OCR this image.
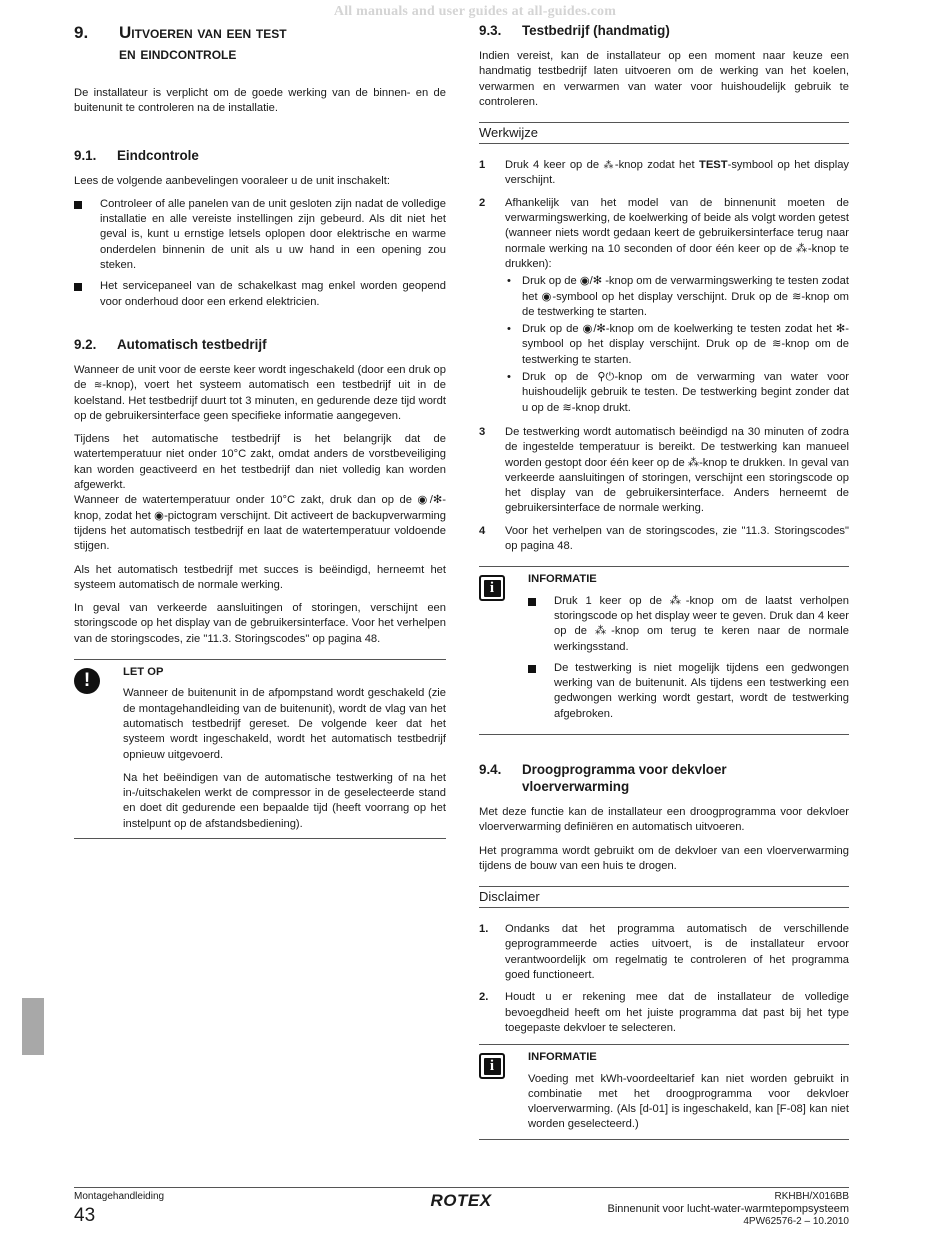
All manuals and user guides at all-guides.com
9.	Uitvoeren van een test
en eindcontrole

De installateur is verplicht om de goede werking van de binnen- en de buitenunit te controleren na de installatie.

9.1.	Eindcontrole

Lees de volgende aanbevelingen vooraleer u de unit inschakelt:

Controleer of alle panelen van de unit gesloten zijn nadat de volledige installatie en alle vereiste instellingen zijn gebeurd. Als dit niet het geval is, kunt u ernstige letsels oplopen door elektrische en warme onderdelen binnenin de unit als u uw hand in een opening zou steken.
Het servicepaneel van de schakelkast mag enkel worden geopend voor onderhoud door een erkend elektricien.
9.2.	Automatisch testbedrijf

Wanneer de unit voor de eerste keer wordt ingeschakeld (door een druk op de ≋-knop), voert het systeem automatisch een testbedrijf uit in de koelstand. Het testbedrijf duurt tot 3 minuten, en gedurende deze tijd wordt op de gebruikersinterface geen specifieke informatie aangegeven.

Tijdens het automatische testbedrijf is het belangrijk dat de watertemperatuur niet onder 10°C zakt, omdat anders de vorstbeveiliging kan worden geactiveerd en het testbedrijf dan niet volledig kan worden afgewerkt.

Wanneer de watertemperatuur onder 10°C zakt, druk dan op de ◉/✻-knop, zodat het ◉-pictogram verschijnt. Dit activeert de backupverwarming tijdens het automatisch testbedrijf en laat de watertemperatuur voldoende stijgen.

Als het automatisch testbedrijf met succes is beëindigd, herneemt het systeem automatisch de normale werking.

In geval van verkeerde aansluitingen of storingen, verschijnt een storingscode op het display van de gebruikersinterface. Voor het verhelpen van de storingscodes, zie "11.3. Storingscodes" op pagina 48.

!	LET OP

Wanneer de buitenunit in de afpompstand wordt geschakeld (zie de montagehandleiding van de buitenunit), wordt de vlag van het automatisch testbedrijf gereset. De volgende keer dat het systeem wordt ingeschakeld, wordt het automatisch testbedrijf opnieuw uitgevoerd.

Na het beëindigen van de automatische testwerking of na het in-/uitschakelen werkt de compressor in de geselecteerde stand en doet dit gedurende een bepaalde tijd (heeft voorrang op het instelpunt op de afstandsbediening).

9.3.	Testbedrijf (handmatig)

Indien vereist, kan de installateur op een moment naar keuze een handmatig testbedrijf laten uitvoeren om de werking van het koelen, verwarmen en verwarmen van water voor huishoudelijk gebruik te controleren.

Werkwijze
1	Druk 4 keer op de ⁂-knop zodat het TEST-symbool op het display verschijnt.
2	Afhankelijk van het model van de binnenunit moeten de verwarmingswerking, de koelwerking of beide als volgt worden getest (wanneer niets wordt gedaan keert de gebruikersinterface terug naar normale werking na 10 seconden of door één keer op de ⁂-knop te drukken):
• Druk op de ◉/✻ -knop om de verwarmingswerking te testen zodat het ◉-symbool op het display verschijnt. Druk op de ≋-knop om de testwerking te starten.
• Druk op de ◉/✻-knop om de koelwerking te testen zodat het ✻-symbool op het display verschijnt. Druk op de ≋-knop om de testwerking te starten.
• Druk op de ⚲⏻-knop om de verwarming van water voor huishoudelijk gebruik te testen. De testwerking begint zonder dat u op de ≋-knop drukt.
3	De testwerking wordt automatisch beëindigd na 30 minuten of zodra de ingestelde temperatuur is bereikt. De testwerking kan manueel worden gestopt door één keer op de ⁂-knop te drukken. In geval van verkeerde aansluitingen of storingen, verschijnt een storingscode op het display van de gebruikersinterface. Anders herneemt de gebruikersinterface de normale werking.
4	Voor het verhelpen van de storingscodes, zie "11.3. Storingscodes" op pagina 48.
i
INFORMATIE
Druk 1 keer op de ⁂-knop om de laatst verholpen storingscode op het display weer te geven. Druk dan 4 keer op de ⁂-knop om terug te keren naar de normale werkingsstand.
De testwerking is niet mogelijk tijdens een gedwongen werking van de buitenunit. Als tijdens een testwerking een gedwongen werking wordt gestart, wordt de testwerking afgebroken.
9.4.	Droogprogramma voor dekvloer
vloerverwarming

Met deze functie kan de installateur een droogprogramma voor dekvloer vloerverwarming definiëren en automatisch uitvoeren.

Het programma wordt gebruikt om de dekvloer van een vloerverwarming tijdens de bouw van een huis te drogen.

Disclaimer
1.	Ondanks dat het programma automatisch de verschillende geprogrammeerde acties uitvoert, is de installateur ervoor verantwoordelijk om regelmatig te controleren of het programma goed functioneert.
2.	Houdt u er rekening mee dat de installateur de volledige bevoegdheid heeft om het juiste programma dat past bij het type toegepaste dekvloer te selecteren.
i
INFORMATIE

Voeding met kWh-voordeeltarief kan niet worden gebruikt in combinatie met het droogprogramma voor dekvloer vloerverwarming. (Als [d-01] is ingeschakeld, kan [F-08] kan niet worden geselecteerd.)

Montagehandleiding
43
ROTEX	RKHBH/X016BB
Binnenunit voor lucht-water-warmtepompsysteem
4PW62576-2 – 10.2010
